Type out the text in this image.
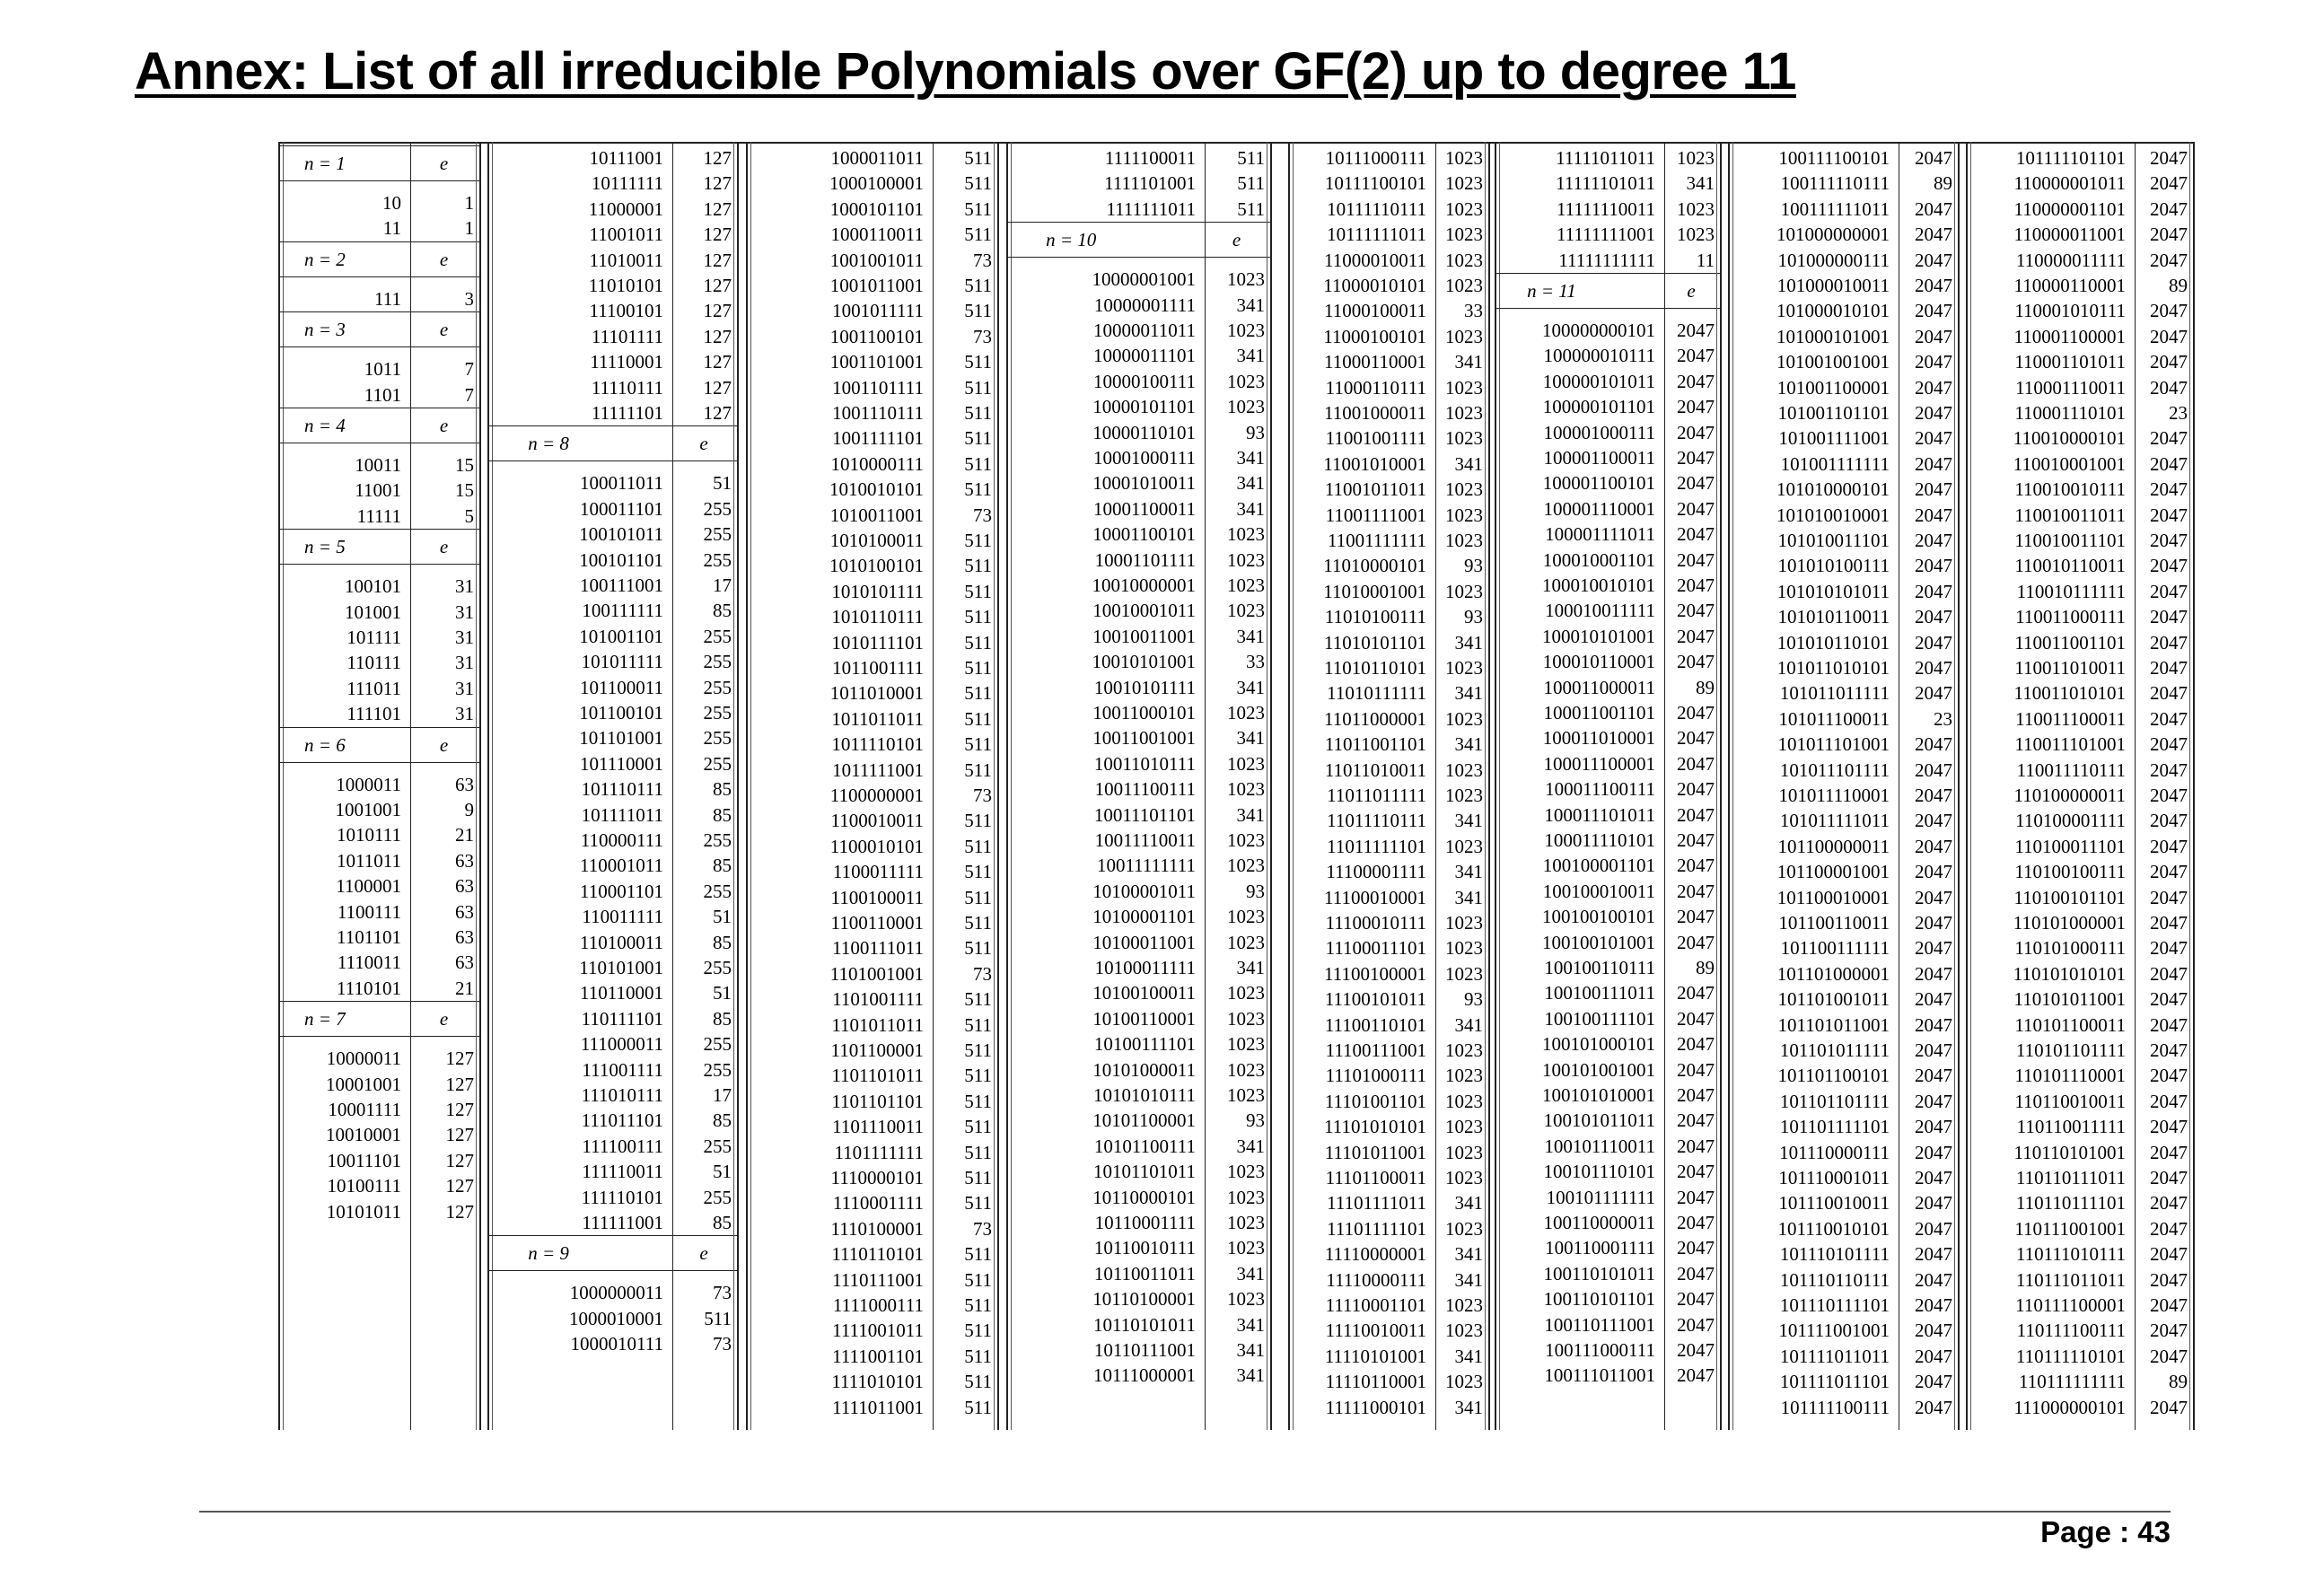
Annex: List of all irreducible Polynomials over GF(2) up to degree 11
n = 1	e
10	1
11	1
n = 2	e
111	3
n = 3	e
1011	7
1101	7
n = 4	e
10011	15
11001	15
11111	5
n = 5	e
100101	31
101001	31
101111	31
110111	31
111011	31
111101	31
n = 6	e
1000011	63
1001001	9
1010111	21
1011011	63
1100001	63
1100111	63
1101101	63
1110011	63
1110101	21
n = 7	e
10000011	127
10001001	127
10001111	127
10010001	127
10011101	127
10100111	127
10101011	127
10111001	127
10111111	127
11000001	127
11001011	127
11010011	127
11010101	127
11100101	127
11101111	127
11110001	127
11110111	127
11111101	127
n = 8	e
100011011	51
100011101	255
100101011	255
100101101	255
100111001	17
100111111	85
101001101	255
101011111	255
101100011	255
101100101	255
101101001	255
101110001	255
101110111	85
101111011	85
110000111	255
110001011	85
110001101	255
110011111	51
110100011	85
110101001	255
110110001	51
110111101	85
111000011	255
111001111	255
111010111	17
111011101	85
111100111	255
111110011	51
111110101	255
111111001	85
n = 9	e
1000000011	73
1000010001	511
1000010111	73
1000011011	511
1000100001	511
1000101101	511
1000110011	511
1001001011	73
1001011001	511
1001011111	511
1001100101	73
1001101001	511
1001101111	511
1001110111	511
1001111101	511
1010000111	511
1010010101	511
1010011001	73
1010100011	511
1010100101	511
1010101111	511
1010110111	511
1010111101	511
1011001111	511
1011010001	511
1011011011	511
1011110101	511
1011111001	511
1100000001	73
1100010011	511
1100010101	511
1100011111	511
1100100011	511
1100110001	511
1100111011	511
1101001001	73
1101001111	511
1101011011	511
1101100001	511
1101101011	511
1101101101	511
1101110011	511
1101111111	511
1110000101	511
1110001111	511
1110100001	73
1110110101	511
1110111001	511
1111000111	511
1111001011	511
1111001101	511
1111010101	511
1111011001	511
1111100011	511
1111101001	511
1111111011	511
n = 10	e
10000001001	1023
10000001111	341
10000011011	1023
10000011101	341
10000100111	1023
10000101101	1023
10000110101	93
10001000111	341
10001010011	341
10001100011	341
10001100101	1023
10001101111	1023
10010000001	1023
10010001011	1023
10010011001	341
10010101001	33
10010101111	341
10011000101	1023
10011001001	341
10011010111	1023
10011100111	1023
10011101101	341
10011110011	1023
10011111111	1023
10100001011	93
10100001101	1023
10100011001	1023
10100011111	341
10100100011	1023
10100110001	1023
10100111101	1023
10101000011	1023
10101010111	1023
10101100001	93
10101100111	341
10101101011	1023
10110000101	1023
10110001111	1023
10110010111	1023
10110011011	341
10110100001	1023
10110101011	341
10110111001	341
10111000001	341
10111000111	1023
10111100101	1023
10111110111	1023
10111111011	1023
11000010011	1023
11000010101	1023
11000100011	33
11000100101	1023
11000110001	341
11000110111	1023
11001000011	1023
11001001111	1023
11001010001	341
11001011011	1023
11001111001	1023
11001111111	1023
11010000101	93
11010001001	1023
11010100111	93
11010101101	341
11010110101	1023
11010111111	341
11011000001	1023
11011001101	341
11011010011	1023
11011011111	1023
11011110111	341
11011111101	1023
11100001111	341
11100010001	341
11100010111	1023
11100011101	1023
11100100001	1023
11100101011	93
11100110101	341
11100111001	1023
11101000111	1023
11101001101	1023
11101010101	1023
11101011001	1023
11101100011	1023
11101111011	341
11101111101	1023
11110000001	341
11110000111	341
11110001101	1023
11110010011	1023
11110101001	341
11110110001	1023
11111000101	341
11111011011	1023
11111101011	341
11111110011	1023
11111111001	1023
11111111111	11
n = 11	e
100000000101	2047
100000010111	2047
100000101011	2047
100000101101	2047
100001000111	2047
100001100011	2047
100001100101	2047
100001110001	2047
100001111011	2047
100010001101	2047
100010010101	2047
100010011111	2047
100010101001	2047
100010110001	2047
100011000011	89
100011001101	2047
100011010001	2047
100011100001	2047
100011100111	2047
100011101011	2047
100011110101	2047
100100001101	2047
100100010011	2047
100100100101	2047
100100101001	2047
100100110111	89
100100111011	2047
100100111101	2047
100101000101	2047
100101001001	2047
100101010001	2047
100101011011	2047
100101110011	2047
100101110101	2047
100101111111	2047
100110000011	2047
100110001111	2047
100110101011	2047
100110101101	2047
100110111001	2047
100111000111	2047
100111011001	2047
100111100101	2047
100111110111	89
100111111011	2047
101000000001	2047
101000000111	2047
101000010011	2047
101000010101	2047
101000101001	2047
101001001001	2047
101001100001	2047
101001101101	2047
101001111001	2047
101001111111	2047
101010000101	2047
101010010001	2047
101010011101	2047
101010100111	2047
101010101011	2047
101010110011	2047
101010110101	2047
101011010101	2047
101011011111	2047
101011100011	23
101011101001	2047
101011101111	2047
101011110001	2047
101011111011	2047
101100000011	2047
101100001001	2047
101100010001	2047
101100110011	2047
101100111111	2047
101101000001	2047
101101001011	2047
101101011001	2047
101101011111	2047
101101100101	2047
101101101111	2047
101101111101	2047
101110000111	2047
101110001011	2047
101110010011	2047
101110010101	2047
101110101111	2047
101110110111	2047
101110111101	2047
101111001001	2047
101111011011	2047
101111011101	2047
101111100111	2047
101111101101	2047
110000001011	2047
110000001101	2047
110000011001	2047
110000011111	2047
110000110001	89
110001010111	2047
110001100001	2047
110001101011	2047
110001110011	2047
110001110101	23
110010000101	2047
110010001001	2047
110010010111	2047
110010011011	2047
110010011101	2047
110010110011	2047
110010111111	2047
110011000111	2047
110011001101	2047
110011010011	2047
110011010101	2047
110011100011	2047
110011101001	2047
110011110111	2047
110100000011	2047
110100001111	2047
110100011101	2047
110100100111	2047
110100101101	2047
110101000001	2047
110101000111	2047
110101010101	2047
110101011001	2047
110101100011	2047
110101101111	2047
110101110001	2047
110110010011	2047
110110011111	2047
110110101001	2047
110110111011	2047
110110111101	2047
110111001001	2047
110111010111	2047
110111011011	2047
110111100001	2047
110111100111	2047
110111110101	2047
110111111111	89
111000000101	2047
Page : 43
